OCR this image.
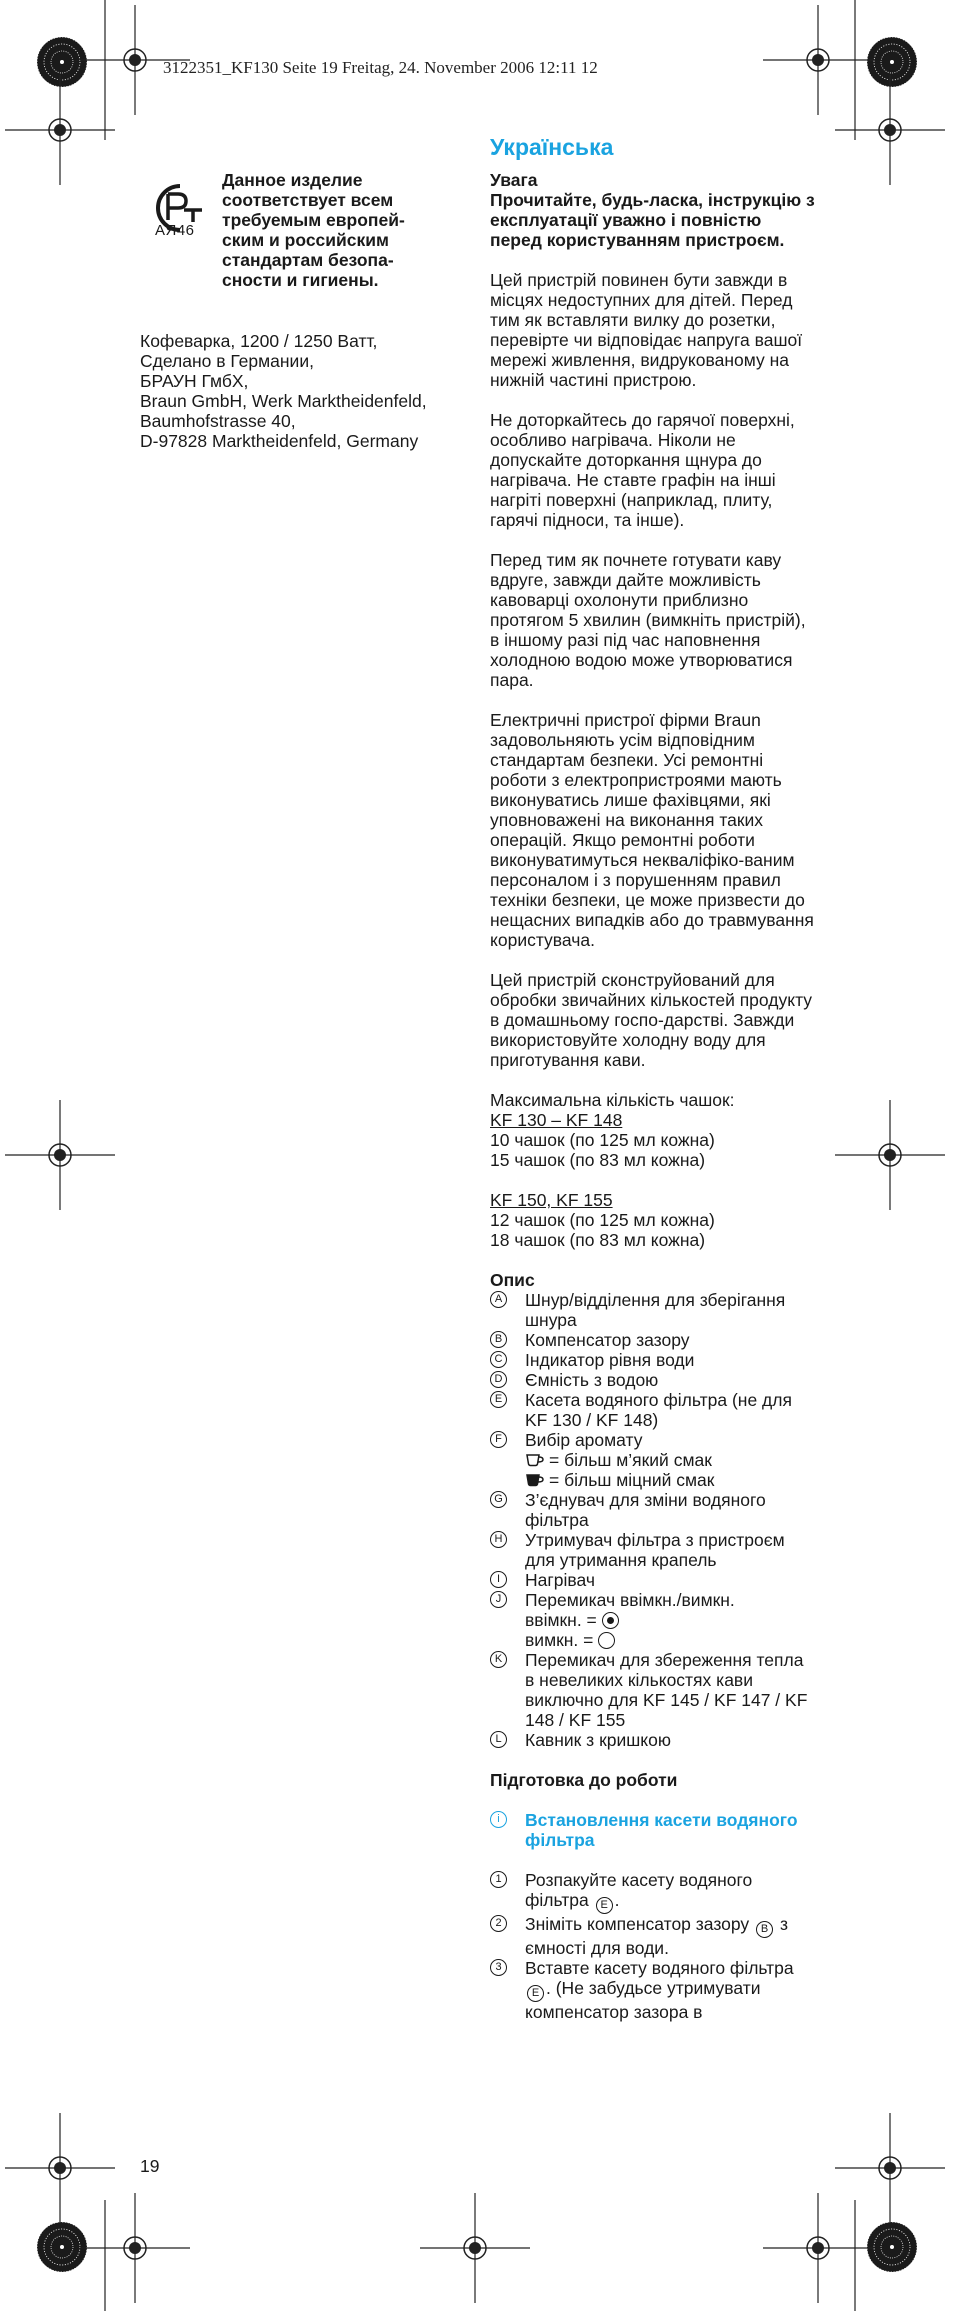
3122351_KF130 Seite 19 Freitag, 24. November 2006 12:11 12
АЯ46
Данное изделие соответствует всем требуемым европей-ским и российским стандартам безопа-сности и гигиены.
Кофеварка, 1200 / 1250 Ватт,
Сделано в Германии,
БРАУН ГмбХ,
Braun GmbH, Werk Marktheidenfeld,
Baumhofstrasse 40,
D-97828 Marktheidenfeld, Germany
Українська
Увага
Прочитайте, будь-ласка, інструкцію з експлуатації уважно і повністю перед користуванням пристроєм.
Цей пристрій повинен бути завжди в місцях недоступних для дітей. Перед тим як вставляти вилку до розетки, перевірте чи відповідає напруга вашої мережі живлення, видрукованому на нижній частині пристрою.
Не доторкайтесь до гарячої поверхні, особливо нагрівача. Ніколи не допускайте доторкання щнура до нагрівача. Не ставте графін на інші нагріті поверхні (наприклад, плиту, гарячі підноси, та інше).
Перед тим як почнете готувати каву вдруге, завжди дайте можливість кавоварці охолонути приблизно протягом 5 хвилин (вимкніть пристрій), в іншому разі під час наповнення холодною водою може утворюватися пара.
Електричні пристрої фірми Braun задовольняють усім відповідним стандартам безпеки. Усі ремонтні роботи з електропристроями мають виконуватись лише фахівцями, які уповноважені на виконання таких операцій. Якщо ремонтні роботи виконуватимуться некваліфіко-ваним персоналом і з порушенням правил техніки безпеки, це може призвести до нещасних випадків або до травмування користувача.
Цей пристрій сконструйований для обробки звичайних кількостей продукту в домашньому госпо-дарстві. Завжди використовуйте холодну воду для приготування кави.
Максимальна кількість чашок:
KF 130 – KF 148
10 чашок (по 125 мл кожна)
15 чашок (по 83 мл кожна)
KF 150, KF 155
12 чашок (по 125 мл кожна)
18 чашок (по 83 мл кожна)
Опис
A Шнур/відділення для зберігання шнура
B Компенсатор зазору
C Індикатор рівня води
D Ємність з водою
E Касета водяного фільтра (не для KF 130 / KF 148)
F Вибір аромату
= більш м’який смак
= більш міцний смак
G З’єднувач для зміни водяного фільтра
H Утримувач фільтра з пристроєм для утримання крапель
I	Нагрівач
J	Перемикач ввімкн./вимкн.
ввімкн. =
вимкн. =
K Перемикач для збереження тепла в невеликих кількостях кави виключно для KF 145 / KF 147 / KF 148 / KF 155
L	Кавник з кришкою
Підготовка до роботи
i	Встановлення касети водяного фільтра
1	Розпакуйте касету водяного фільтра E .
2	Зніміть компенсатор зазору B з ємності для води.
3	Вставте касету водяного фільтра E . (Не забудьсе утримувати компенсатор зазора в
19
